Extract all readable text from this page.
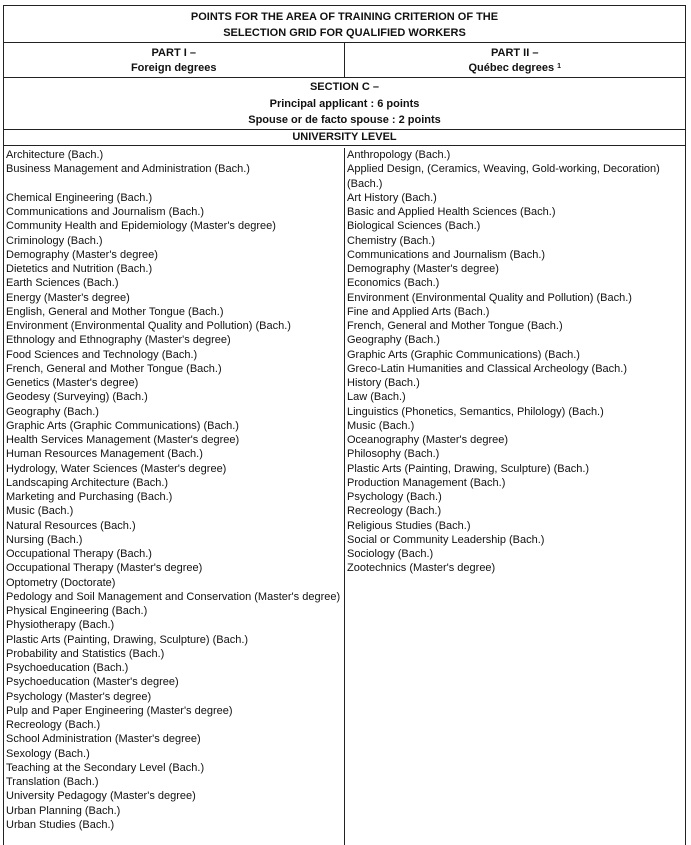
POINTS FOR THE AREA OF TRAINING CRITERION OF THE
SELECTION GRID FOR QUALIFIED WORKERS
PART I –
Foreign degrees
PART II –
Québec degrees $^1$
SECTION C –
Principal applicant : 6 points
Spouse or de facto spouse : 2 points
UNIVERSITY LEVEL
Architecture (Bach.)
Business Management and Administration (Bach.)

Chemical Engineering (Bach.)
Communications and Journalism (Bach.)
Community Health and Epidemiology (Master's degree)
Criminology (Bach.)
Demography (Master's degree)
Dietetics and Nutrition (Bach.)
Earth Sciences (Bach.)
Energy (Master's degree)
English, General and Mother Tongue (Bach.)
Environment (Environmental Quality and Pollution) (Bach.)
Ethnology and Ethnography (Master's degree)
Food Sciences and Technology (Bach.)
French, General and Mother Tongue (Bach.)
Genetics (Master's degree)
Geodesy (Surveying) (Bach.)
Geography (Bach.)
Graphic Arts (Graphic Communications) (Bach.)
Health Services Management (Master's degree)
Human Resources Management (Bach.)
Hydrology, Water Sciences (Master's degree)
Landscaping Architecture (Bach.)
Marketing and Purchasing (Bach.)
Music (Bach.)
Natural Resources (Bach.)
Nursing (Bach.)
Occupational Therapy (Bach.)
Occupational Therapy (Master's degree)
Optometry (Doctorate)
Pedology and Soil Management and Conservation (Master's degree)
Physical Engineering (Bach.)
Physiotherapy (Bach.)
Plastic Arts (Painting, Drawing, Sculpture) (Bach.)
Probability and Statistics (Bach.)
Psychoeducation (Bach.)
Psychoeducation (Master's degree)
Psychology (Master's degree)
Pulp and Paper Engineering (Master's degree)
Recreology (Bach.)
School Administration (Master's degree)
Sexology (Bach.)
Teaching at the Secondary Level (Bach.)
Translation (Bach.)
University Pedagogy (Master's degree)
Urban Planning (Bach.)
Urban Studies (Bach.)
Anthropology (Bach.)
Applied Design, (Ceramics, Weaving, Gold-working, Decoration) (Bach.)
Art History (Bach.)
Basic and Applied Health Sciences (Bach.)
Biological Sciences (Bach.)
Chemistry (Bach.)
Communications and Journalism (Bach.)
Demography (Master's degree)
Economics (Bach.)
Environment (Environmental Quality and Pollution) (Bach.)
Fine and Applied Arts (Bach.)
French, General and Mother Tongue (Bach.)
Geography (Bach.)
Graphic Arts (Graphic Communications) (Bach.)
Greco-Latin Humanities and Classical Archeology (Bach.)
History (Bach.)
Law (Bach.)
Linguistics (Phonetics, Semantics, Philology) (Bach.)
Music (Bach.)
Oceanography (Master's degree)
Philosophy (Bach.)
Plastic Arts (Painting, Drawing, Sculpture) (Bach.)
Production Management (Bach.)
Psychology (Bach.)
Recreology (Bach.)
Religious Studies (Bach.)
Social or Community Leadership (Bach.)
Sociology (Bach.)
Zootechnics (Master's degree)
